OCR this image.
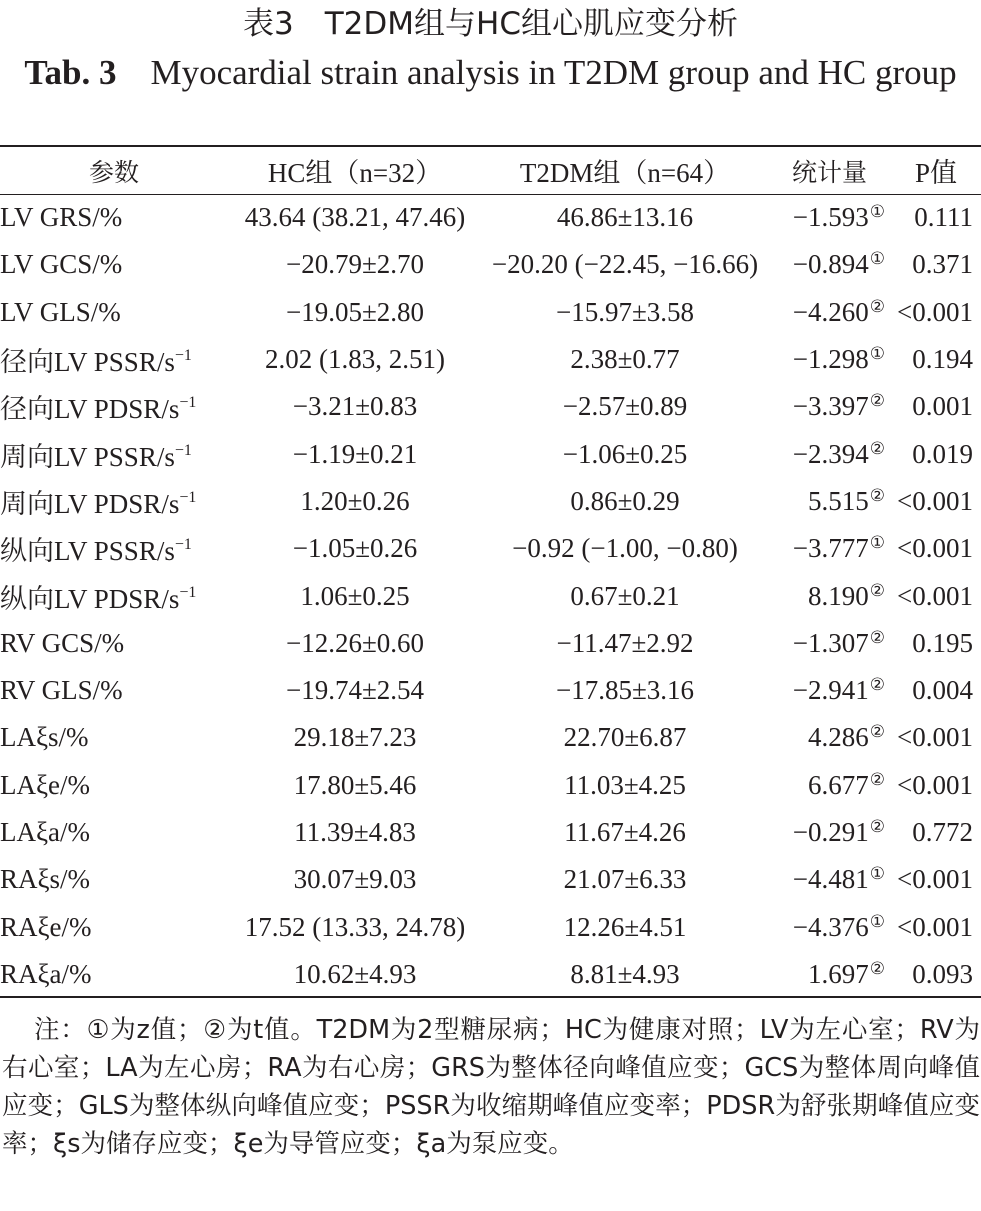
表3　T2DM组与HC组心肌应变分析
Tab. 3 Myocardial strain analysis in T2DM group and HC group
参数	HC组（n=32）	T2DM组（n=64）	统计量	P值
LV GRS/%	43.64 (38.21, 47.46)	46.86±13.16	−1.593①	0.111
LV GCS/%	−20.79±2.70	−20.20 (−22.45, −16.66)	−0.894①	0.371
LV GLS/%	−19.05±2.80	−15.97±3.58	−4.260②	<0.001
径向LV PSSR/$s^{-1}$	2.02 (1.83, 2.51)	2.38±0.77	−1.298①	0.194
径向LV PDSR/$s^{-1}$	−3.21±0.83	−2.57±0.89	−3.397②	0.001
周向LV PSSR/$s^{-1}$	−1.19±0.21	−1.06±0.25	−2.394②	0.019
周向LV PDSR/$s^{-1}$	1.20±0.26	0.86±0.29	5.515②	<0.001
纵向LV PSSR/$s^{-1}$	−1.05±0.26	−0.92 (−1.00, −0.80)	−3.777①	<0.001
纵向LV PDSR/$s^{-1}$	1.06±0.25	0.67±0.21	8.190②	<0.001
RV GCS/%	−12.26±0.60	−11.47±2.92	−1.307②	0.195
RV GLS/%	−19.74±2.54	−17.85±3.16	−2.941②	0.004
LAξs/%	29.18±7.23	22.70±6.87	4.286②	<0.001
LAξe/%	17.80±5.46	11.03±4.25	6.677②	<0.001
LAξa/%	11.39±4.83	11.67±4.26	−0.291②	0.772
RAξs/%	30.07±9.03	21.07±6.33	−4.481①	<0.001
RAξe/%	17.52 (13.33, 24.78)	12.26±4.51	−4.376①	<0.001
RAξa/%	10.62±4.93	8.81±4.93	1.697②	0.093
注：①为z值；②为t值。T2DM为2型糖尿病；HC为健康对照；LV为左心室；RV为右心室；LA为左心房；RA为右心房；GRS为整体径向峰值应变；GCS为整体周向峰值应变；GLS为整体纵向峰值应变；PSSR为收缩期峰值应变率；PDSR为舒张期峰值应变率；ξs为储存应变；ξe为导管应变；ξa为泵应变。
